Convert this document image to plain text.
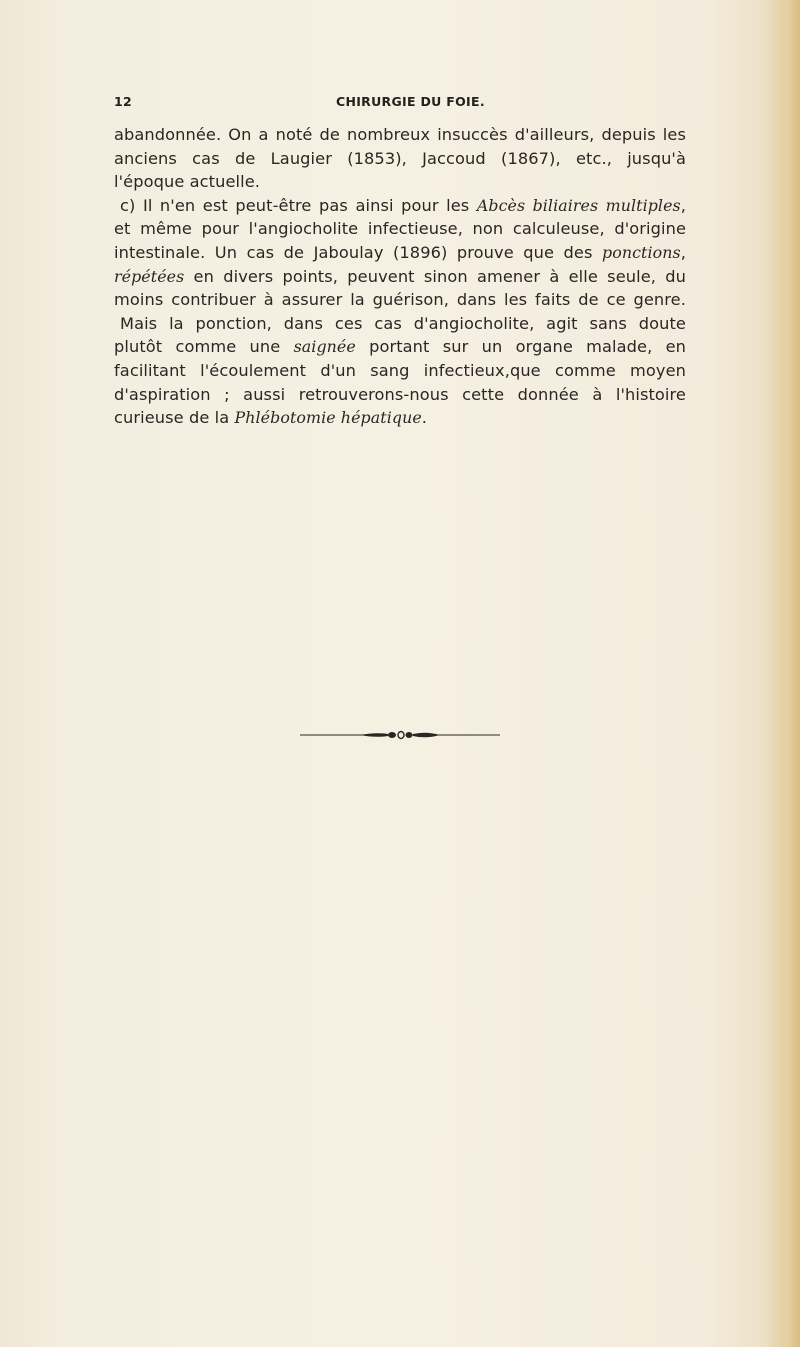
12	CHIRURGIE DU FOIE.
abandonnée. On a noté de nombreux insuccès d'ailleurs, depuis les
anciens cas de Laugier (1853), Jaccoud (1867), etc., jusqu'à
l'époque actuelle.
c) Il n'en est peut-être pas ainsi pour les Abcès biliaires multiples,
et même pour l'angiocholite infectieuse, non calculeuse, d'origine
intestinale. Un cas de Jaboulay (1896) prouve que des ponctions,
répétées en divers points, peuvent sinon amener à elle seule, du
moins contribuer à assurer la guérison, dans les faits de ce genre.
Mais la ponction, dans ces cas d'angiocholite, agit sans doute
plutôt comme une saignée portant sur un organe malade, en
facilitant l'écoulement d'un sang infectieux,que comme moyen
d'aspiration ; aussi retrouverons-nous cette donnée à l'histoire
curieuse de la Phlébotomie hépatique.
